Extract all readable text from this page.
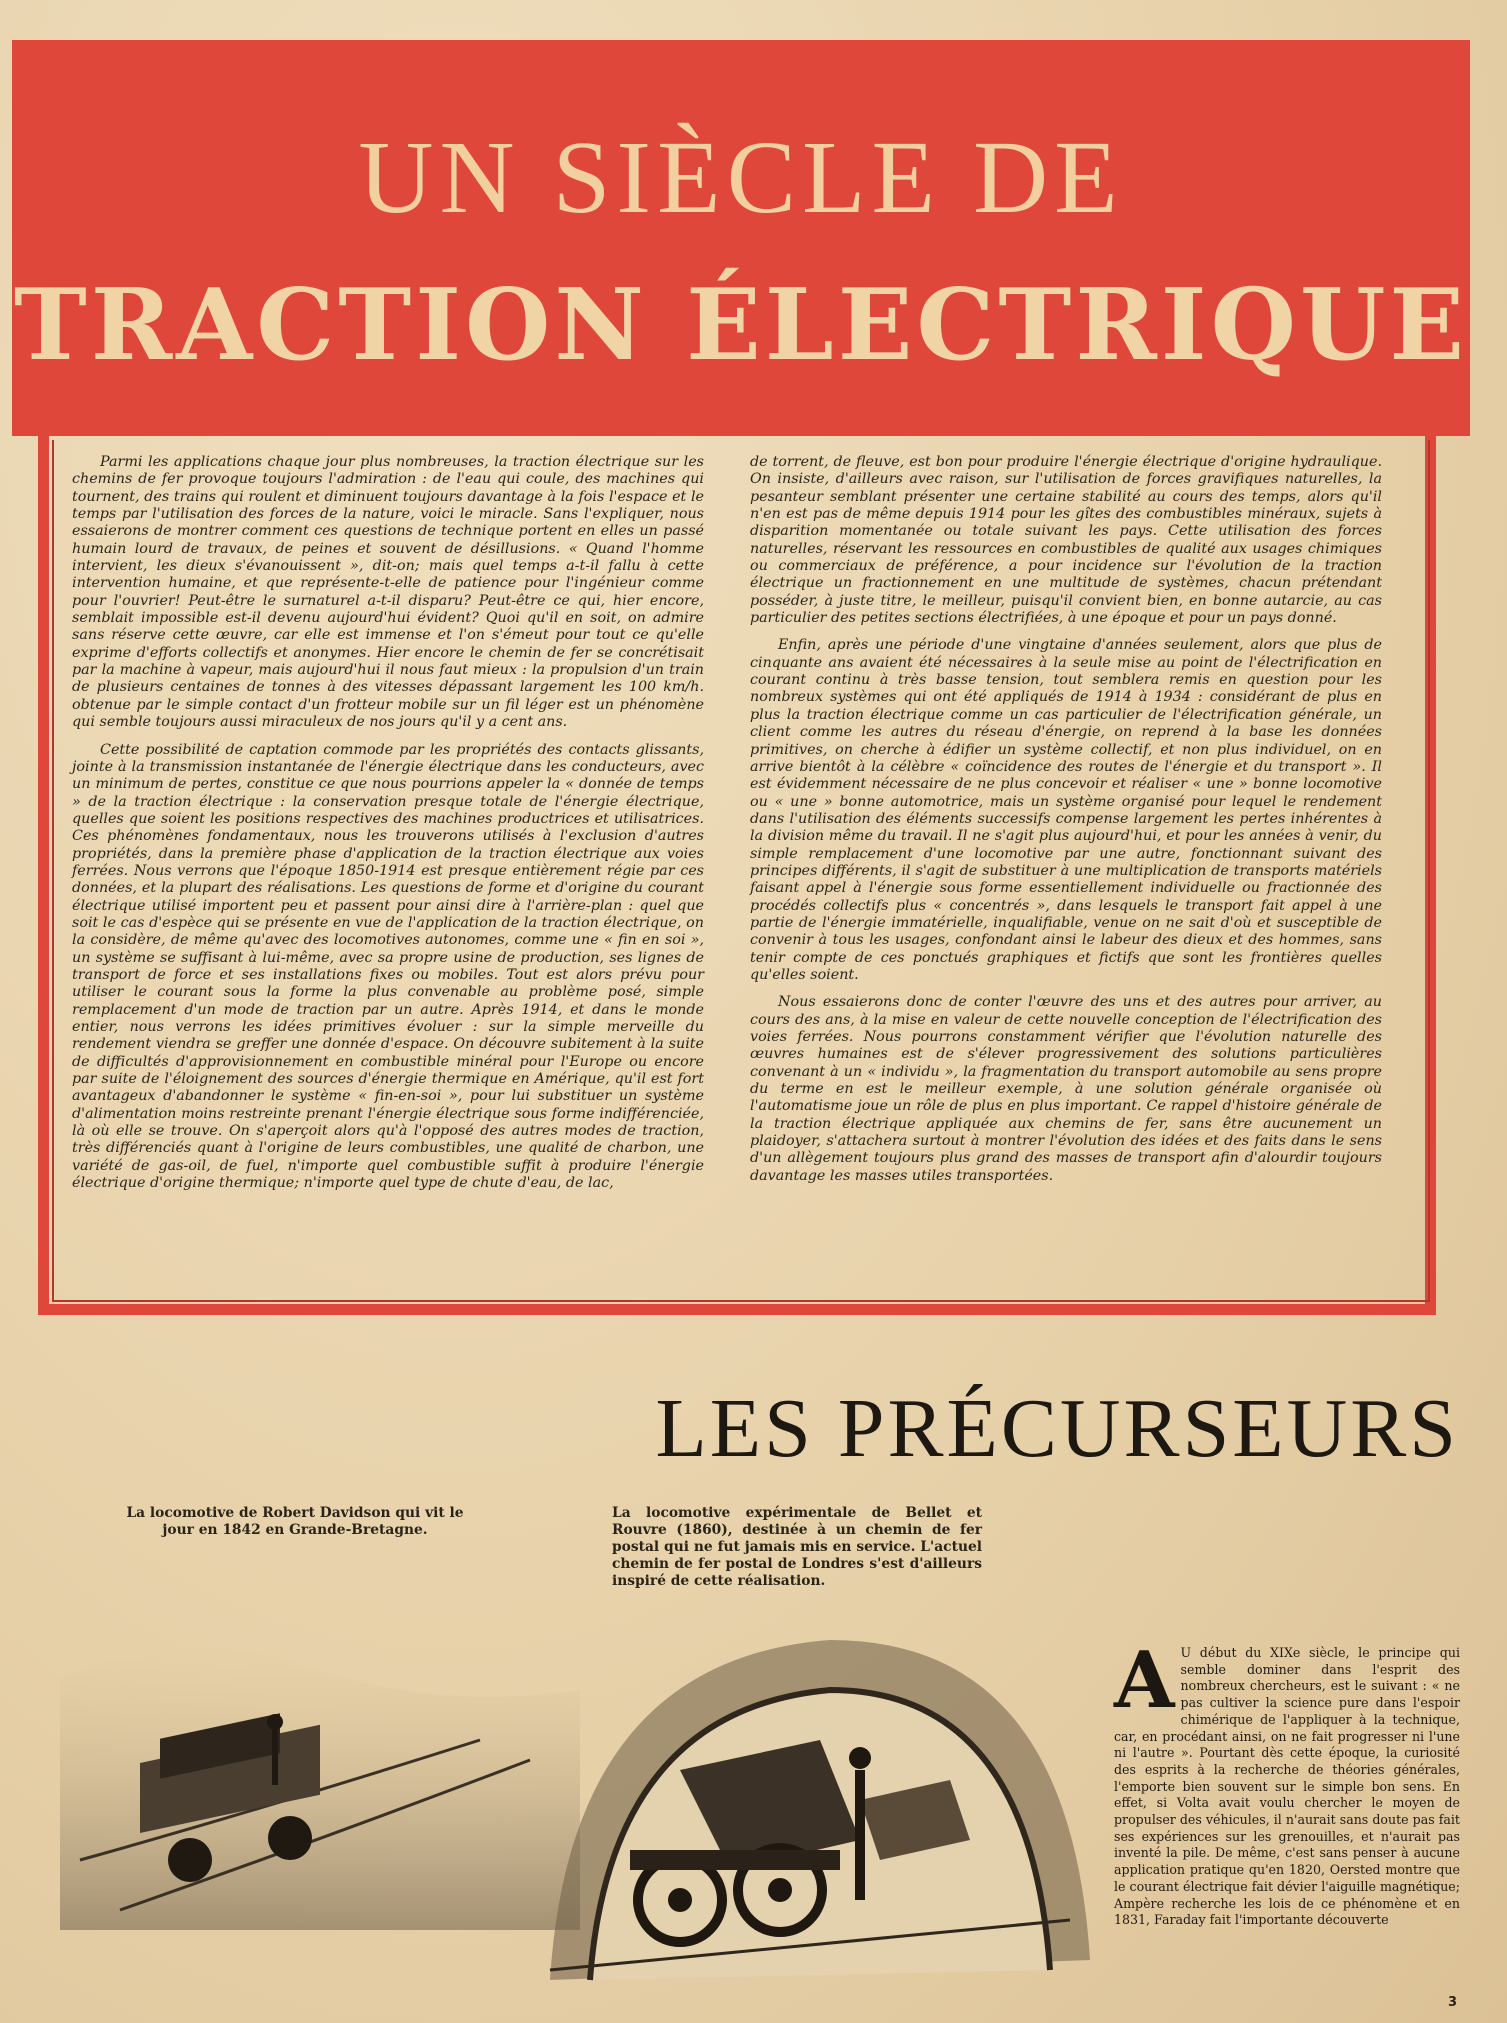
UN SIÈCLE DE
TRACTION ÉLECTRIQUE

Parmi les applications chaque jour plus nombreuses, la traction électrique sur les chemins de fer provoque toujours l'admiration : de l'eau qui coule, des machines qui tournent, des trains qui roulent et diminuent toujours davantage à la fois l'espace et le temps par l'utilisation des forces de la nature, voici le miracle. Sans l'expliquer, nous essaierons de montrer comment ces questions de technique portent en elles un passé humain lourd de travaux, de peines et souvent de désillusions. « Quand l'homme intervient, les dieux s'évanouissent », dit-on; mais quel temps a-t-il fallu à cette intervention humaine, et que représente-t-elle de patience pour l'ingénieur comme pour l'ouvrier! Peut-être le surnaturel a-t-il disparu? Peut-être ce qui, hier encore, semblait impossible est-il devenu aujourd'hui évident? Quoi qu'il en soit, on admire sans réserve cette œuvre, car elle est immense et l'on s'émeut pour tout ce qu'elle exprime d'efforts collectifs et anonymes. Hier encore le chemin de fer se concrétisait par la machine à vapeur, mais aujourd'hui il nous faut mieux : la propulsion d'un train de plusieurs centaines de tonnes à des vitesses dépassant largement les 100 km/h. obtenue par le simple contact d'un frotteur mobile sur un fil léger est un phénomène qui semble toujours aussi miraculeux de nos jours qu'il y a cent ans.

Cette possibilité de captation commode par les propriétés des contacts glissants, jointe à la transmission instantanée de l'énergie électrique dans les conducteurs, avec un minimum de pertes, constitue ce que nous pourrions appeler la « donnée de temps » de la traction électrique : la conservation presque totale de l'énergie électrique, quelles que soient les positions respectives des machines productrices et utilisatrices. Ces phénomènes fondamentaux, nous les trouverons utilisés à l'exclusion d'autres propriétés, dans la première phase d'application de la traction électrique aux voies ferrées. Nous verrons que l'époque 1850-1914 est presque entièrement régie par ces données, et la plupart des réalisations. Les questions de forme et d'origine du courant électrique utilisé importent peu et passent pour ainsi dire à l'arrière-plan : quel que soit le cas d'espèce qui se présente en vue de l'application de la traction électrique, on la considère, de même qu'avec des locomotives autonomes, comme une « fin en soi », un système se suffisant à lui-même, avec sa propre usine de production, ses lignes de transport de force et ses installations fixes ou mobiles. Tout est alors prévu pour utiliser le courant sous la forme la plus convenable au problème posé, simple remplacement d'un mode de traction par un autre. Après 1914, et dans le monde entier, nous verrons les idées primitives évoluer : sur la simple merveille du rendement viendra se greffer une donnée d'espace. On découvre subitement à la suite de difficultés d'approvisionnement en combustible minéral pour l'Europe ou encore par suite de l'éloignement des sources d'énergie thermique en Amérique, qu'il est fort avantageux d'abandonner le système « fin-en-soi », pour lui substituer un système d'alimentation moins restreinte prenant l'énergie électrique sous forme indifférenciée, là où elle se trouve. On s'aperçoit alors qu'à l'opposé des autres modes de traction, très différenciés quant à l'origine de leurs combustibles, une qualité de charbon, une variété de gas-oil, de fuel, n'importe quel combustible suffit à produire l'énergie électrique d'origine thermique; n'importe quel type de chute d'eau, de lac,

de torrent, de fleuve, est bon pour produire l'énergie électrique d'origine hydraulique. On insiste, d'ailleurs avec raison, sur l'utilisation de forces gravifiques naturelles, la pesanteur semblant présenter une certaine stabilité au cours des temps, alors qu'il n'en est pas de même depuis 1914 pour les gîtes des combustibles minéraux, sujets à disparition momentanée ou totale suivant les pays. Cette utilisation des forces naturelles, réservant les ressources en combustibles de qualité aux usages chimiques ou commerciaux de préférence, a pour incidence sur l'évolution de la traction électrique un fractionnement en une multitude de systèmes, chacun prétendant posséder, à juste titre, le meilleur, puisqu'il convient bien, en bonne autarcie, au cas particulier des petites sections électrifiées, à une époque et pour un pays donné.

Enfin, après une période d'une vingtaine d'années seulement, alors que plus de cinquante ans avaient été nécessaires à la seule mise au point de l'électrification en courant continu à très basse tension, tout semblera remis en question pour les nombreux systèmes qui ont été appliqués de 1914 à 1934 : considérant de plus en plus la traction électrique comme un cas particulier de l'électrification générale, un client comme les autres du réseau d'énergie, on reprend à la base les données primitives, on cherche à édifier un système collectif, et non plus individuel, on en arrive bientôt à la célèbre « coïncidence des routes de l'énergie et du transport ». Il est évidemment nécessaire de ne plus concevoir et réaliser « une » bonne locomotive ou « une » bonne automotrice, mais un système organisé pour lequel le rendement dans l'utilisation des éléments successifs compense largement les pertes inhérentes à la division même du travail. Il ne s'agit plus aujourd'hui, et pour les années à venir, du simple remplacement d'une locomotive par une autre, fonctionnant suivant des principes différents, il s'agit de substituer à une multiplication de transports matériels faisant appel à l'énergie sous forme essentiellement individuelle ou fractionnée des procédés collectifs plus « concentrés », dans lesquels le transport fait appel à une partie de l'énergie immatérielle, inqualifiable, venue on ne sait d'où et susceptible de convenir à tous les usages, confondant ainsi le labeur des dieux et des hommes, sans tenir compte de ces ponctués graphiques et fictifs que sont les frontières quelles qu'elles soient.

Nous essaierons donc de conter l'œuvre des uns et des autres pour arriver, au cours des ans, à la mise en valeur de cette nouvelle conception de l'électrification des voies ferrées. Nous pourrons constamment vérifier que l'évolution naturelle des œuvres humaines est de s'élever progressivement des solutions particulières convenant à un « individu », la fragmentation du transport automobile au sens propre du terme en est le meilleur exemple, à une solution générale organisée où l'automatisme joue un rôle de plus en plus important. Ce rappel d'histoire générale de la traction électrique appliquée aux chemins de fer, sans être aucunement un plaidoyer, s'attachera surtout à montrer l'évolution des idées et des faits dans le sens d'un allègement toujours plus grand des masses de transport afin d'alourdir toujours davantage les masses utiles transportées.

LES PRÉCURSEURS
La locomotive de Robert Davidson qui vit le jour en 1842 en Grande-Bretagne.
La locomotive expérimentale de Bellet et Rouvre (1860), destinée à un chemin de fer postal qui ne fut jamais mis en service. L'actuel chemin de fer postal de Londres s'est d'ailleurs inspiré de cette réalisation.
A U début du XIXe siècle, le principe qui semble dominer dans l'esprit des nombreux chercheurs, est le suivant : « ne pas cultiver la science pure dans l'espoir chimérique de l'appliquer à la technique, car, en procédant ainsi, on ne fait progresser ni l'une ni l'autre ». Pourtant dès cette époque, la curiosité des esprits à la recherche de théories générales, l'emporte bien souvent sur le simple bon sens. En effet, si Volta avait voulu chercher le moyen de propulser des véhicules, il n'aurait sans doute pas fait ses expériences sur les grenouilles, et n'aurait pas inventé la pile. De même, c'est sans penser à aucune application pratique qu'en 1820, Oersted montre que le courant électrique fait dévier l'aiguille magnétique; Ampère recherche les lois de ce phénomène et en 1831, Faraday fait l'importante découverte
3
